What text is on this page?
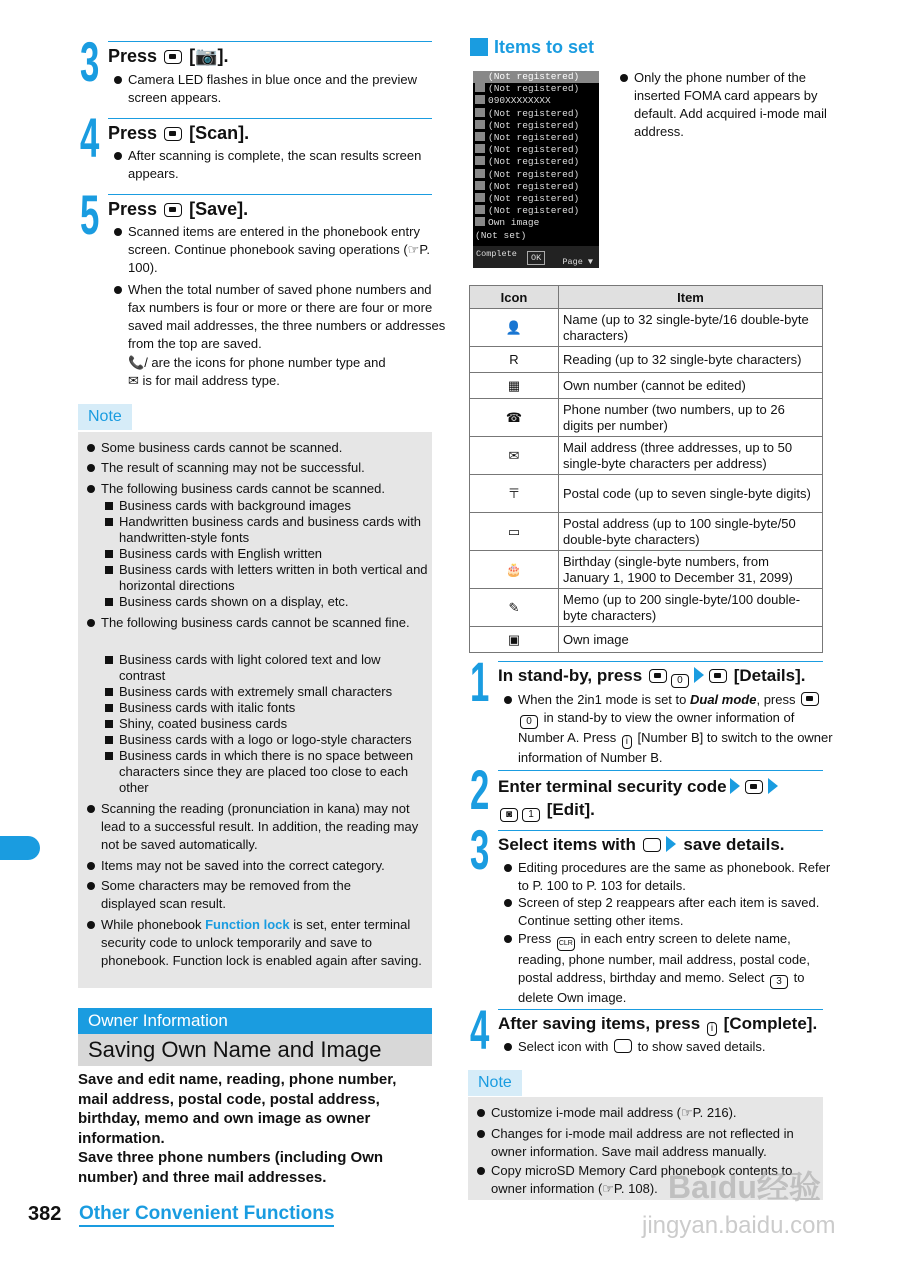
3 Press [📷].
Camera LED flashes in blue once and the preview screen appears.
4 Press [Scan].
After scanning is complete, the scan results screen appears.
5 Press [Save].
Scanned items are entered in the phonebook entry screen. Continue phonebook saving operations (☞P. 100).
When the total number of saved phone numbers and fax numbers is four or more or there are four or more saved mail addresses, the three numbers or addresses from the top are saved.
📞/ are the icons for phone number type and
✉ is for mail address type.
Note
Some business cards cannot be scanned.
The result of scanning may not be successful.
The following business cards cannot be scanned.
Business cards with background images
Handwritten business cards and business cards with handwritten-style fonts
Business cards with English written
Business cards with letters written in both vertical and horizontal directions
Business cards shown on a display, etc.
The following business cards cannot be scanned fine.
Business cards with light colored text and low contrast
Business cards with extremely small characters
Business cards with italic fonts
Shiny, coated business cards
Business cards with a logo or logo-style characters
Business cards in which there is no space between characters since they are placed too close to each other
Scanning the reading (pronunciation in kana) may not lead to a successful result. In addition, the reading may not be saved automatically.
Items may not be saved into the correct category.
Some characters may be removed from the displayed scan result.
While phonebook Function lock is set, enter terminal security code to unlock temporarily and save to phonebook. Function lock is enabled again after saving.
Owner Information
Saving Own Name and Image
Save and edit name, reading, phone number, mail address, postal code, postal address, birthday, memo and own image as owner information.
Save three phone numbers (including Own number) and three mail addresses.
Items to set
(Not registered)
(Not registered)
090XXXXXXXX
(Not registered)
(Not registered)
(Not registered)
(Not registered)
(Not registered)
(Not registered)
(Not registered)
(Not registered)
(Not registered)
Own image
(Not set)
Complete	OK	Page ▼
Only the phone number of the inserted FOMA card appears by default. Add acquired i-mode mail address.
Icon	Item
👤	Name (up to 32 single-byte/16 double-byte characters)
R	Reading (up to 32 single-byte characters)
▦	Own number (cannot be edited)
☎	Phone number (two numbers, up to 26 digits per number)
✉	Mail address (three addresses, up to 50 single-byte characters per address)
〒	Postal code (up to seven single-byte digits)
▭	Postal address (up to 100 single-byte/50 double-byte characters)
🎂	Birthday (single-byte numbers, from January 1, 1900 to December 31, 2099)
✎	Memo (up to 200 single-byte/100 double-byte characters)
▣	Own image
1 In stand-by, press	0	[Details].
When the 2in1 mode is set to Dual mode, press 0 in stand-by to view the owner information of Number A. Press i [Number B] to switch to the owner information of Number B.
2 Enter terminal security code
◙ 1 [Edit].
3 Select items with	save details.
Editing procedures are the same as phonebook. Refer to P. 100 to P. 103 for details.
Screen of step 2 reappears after each item is saved. Continue setting other items.
Press CLR in each entry screen to delete name, reading, phone number, mail address, postal code, postal address, birthday and memo. Select 3 to delete Own image.
4 After saving items, press i [Complete].
Select icon with to show saved details.
Note
Customize i-mode mail address (☞P. 216).
Changes for i-mode mail address are not reflected in owner information. Save mail address manually.
Copy microSD Memory Card phonebook contents to owner information (☞P. 108).
382 Other Convenient Functions
Baidu经验
jingyan.baidu.com
